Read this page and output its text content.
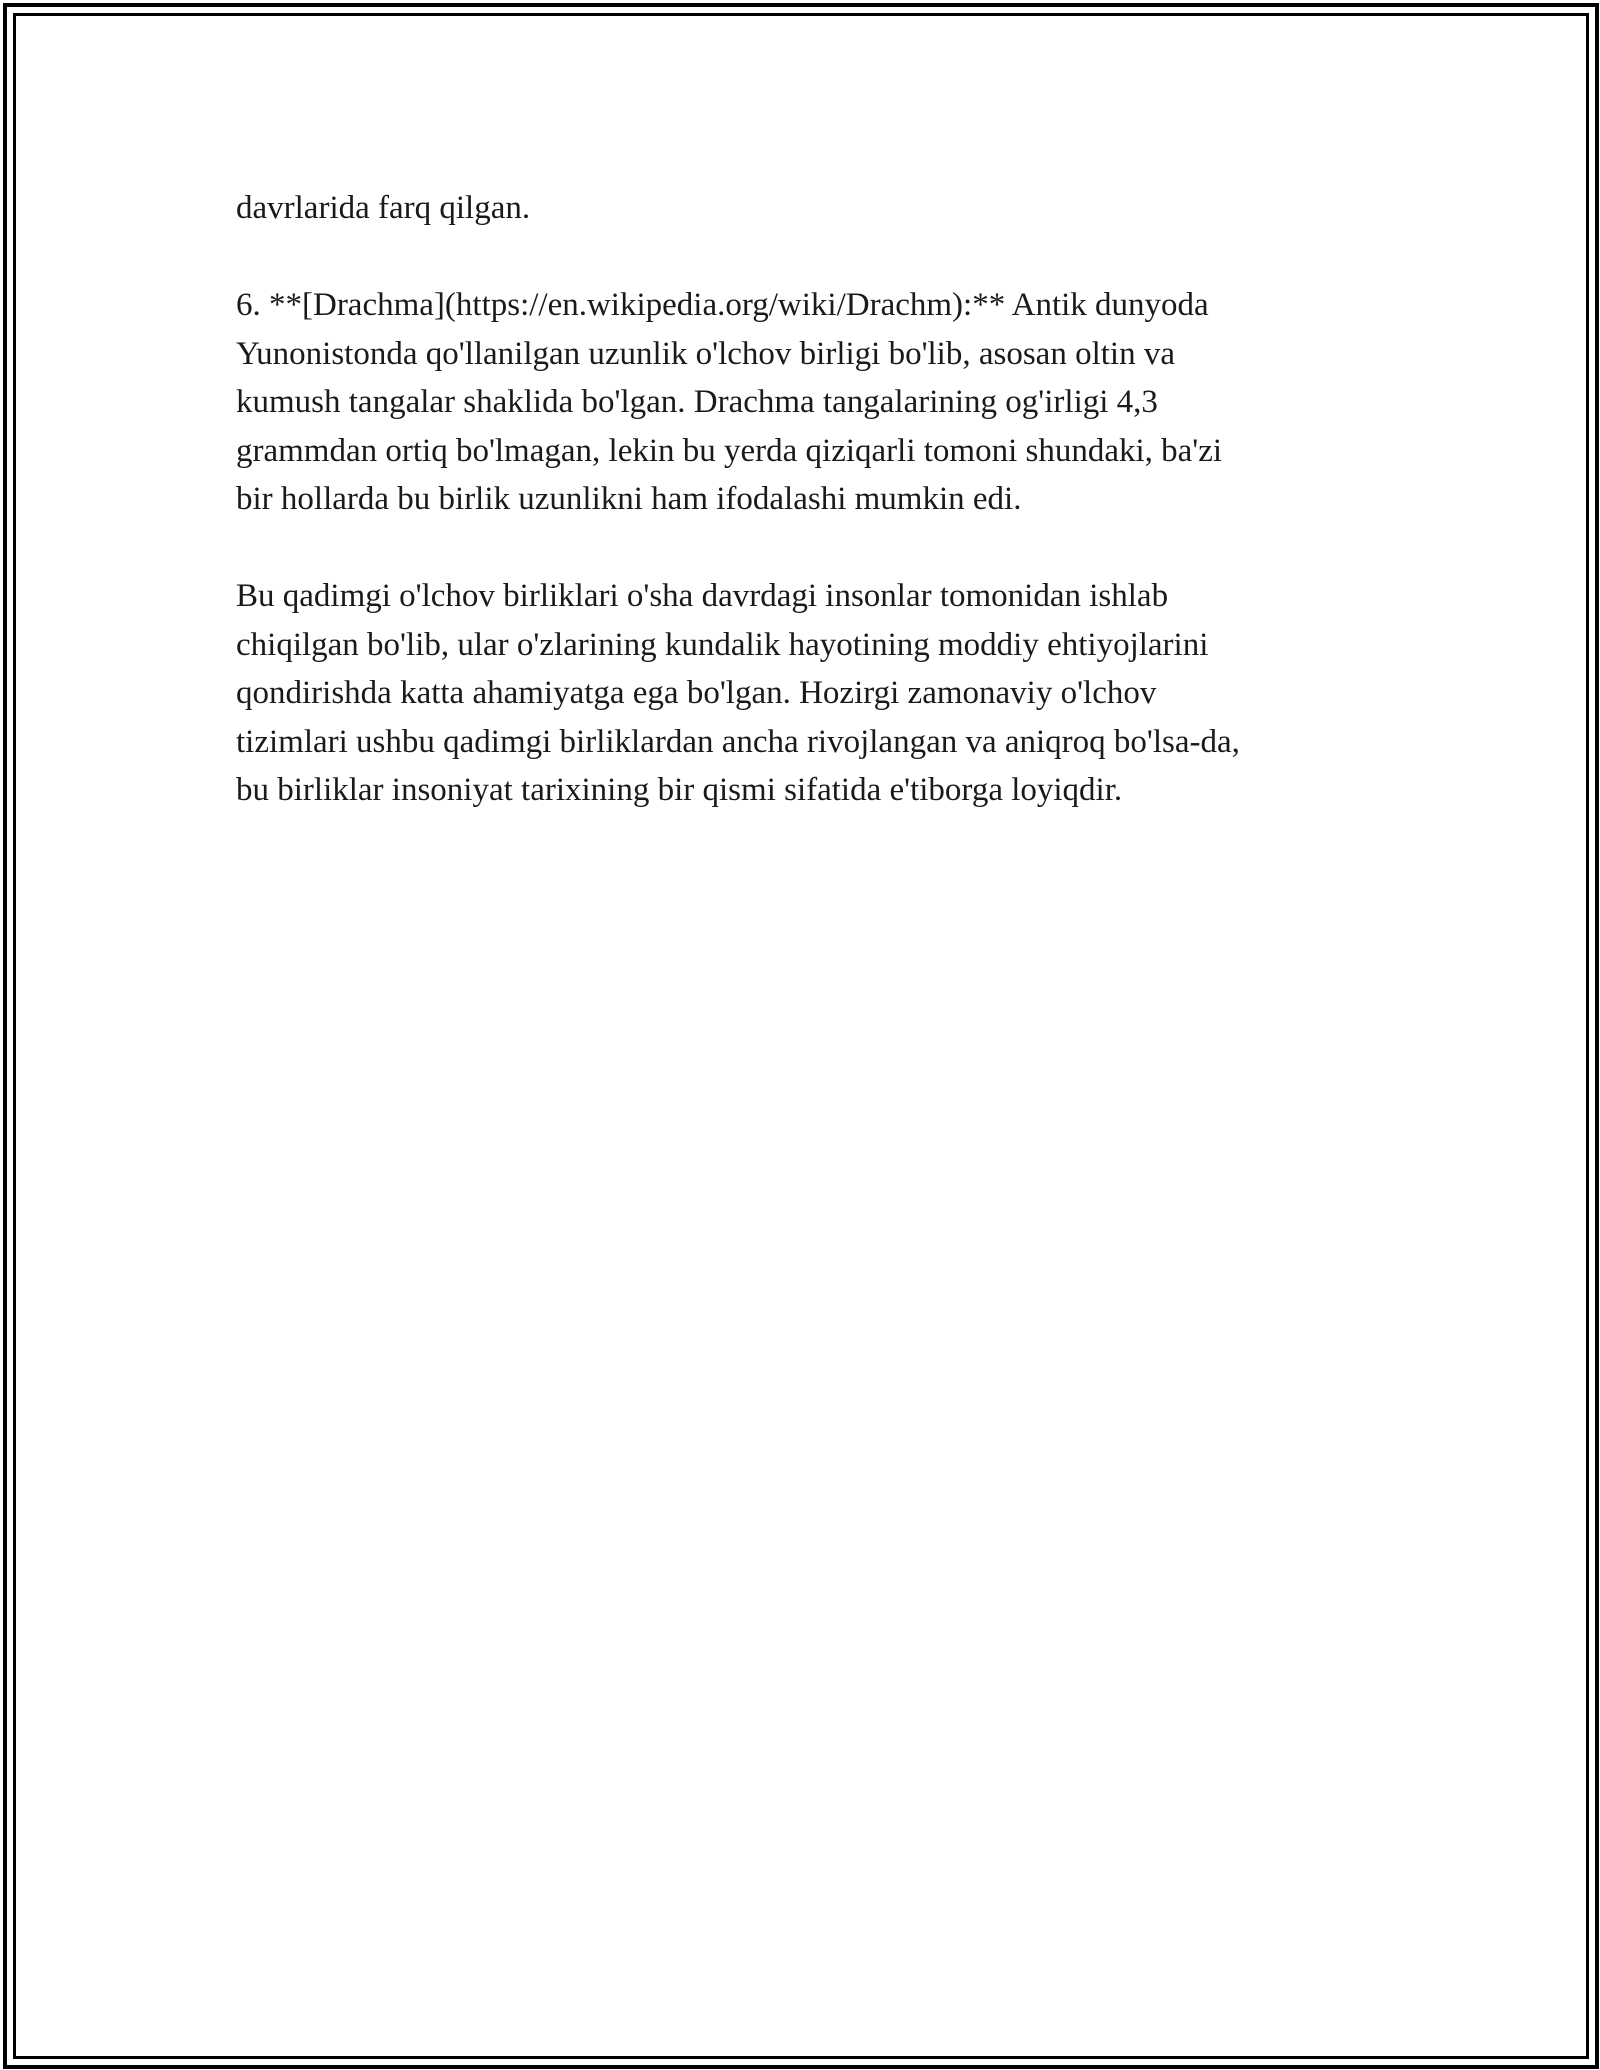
davrlarida farq qilgan.

6. **[Drachma](https://en.wikipedia.org/wiki/Drachm):** Antik dunyoda
Yunonistonda qo'llanilgan uzunlik o'lchov birligi bo'lib, asosan oltin va
kumush tangalar shaklida bo'lgan. Drachma tangalarining og'irligi 4,3
grammdan ortiq bo'lmagan, lekin bu yerda qiziqarli tomoni shundaki, ba'zi
bir hollarda bu birlik uzunlikni ham ifodalashi mumkin edi.

Bu qadimgi o'lchov birliklari o'sha davrdagi insonlar tomonidan ishlab
chiqilgan bo'lib, ular o'zlarining kundalik hayotining moddiy ehtiyojlarini
qondirishda katta ahamiyatga ega bo'lgan. Hozirgi zamonaviy o'lchov
tizimlari ushbu qadimgi birliklardan ancha rivojlangan va aniqroq bo'lsa-da,
bu birliklar insoniyat tarixining bir qismi sifatida e'tiborga loyiqdir.
